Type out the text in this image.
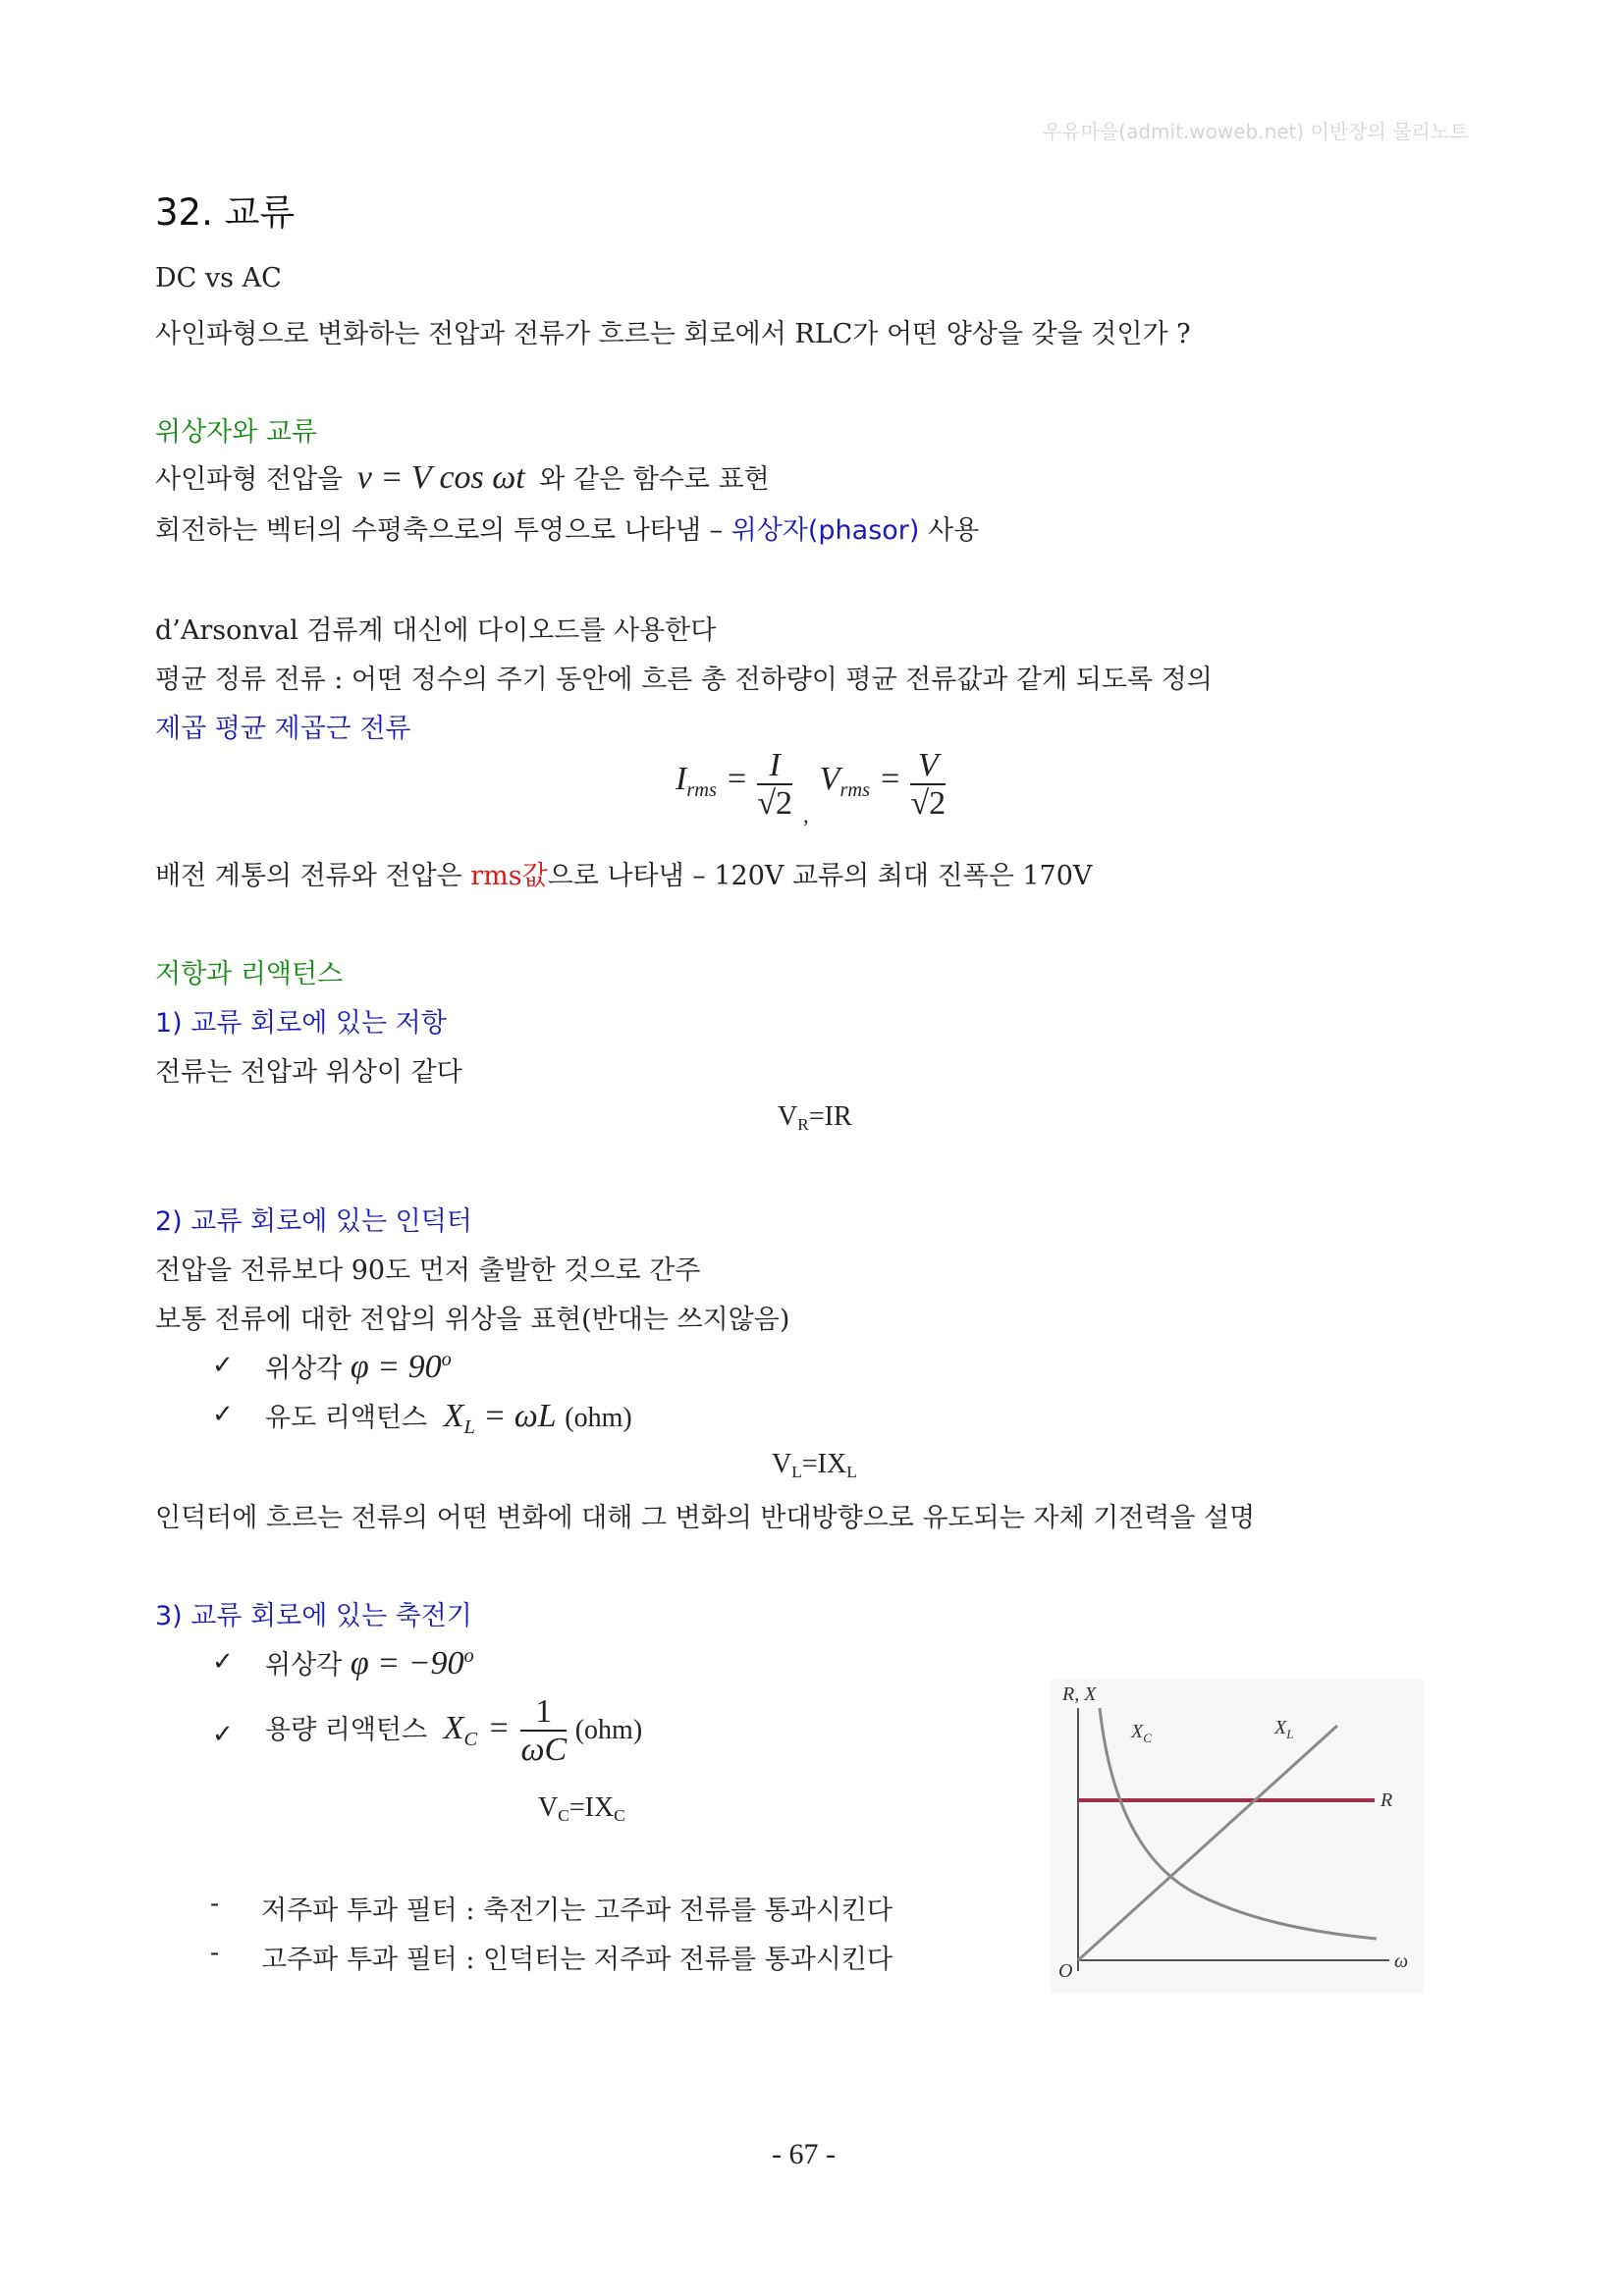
우유마을(admit.woweb.net) 이반장의 물리노트
32. 교류
DC vs AC
사인파형으로 변화하는 전압과 전류가 흐르는 회로에서 RLC가 어떤 양상을 갖을 것인가 ?
위상자와 교류
사인파형 전압을 v = V cos ωt 와 같은 함수로 표현
회전하는 벡터의 수평축으로의 투영으로 나타냄 – 위상자(phasor) 사용
d’Arsonval 검류계 대신에 다이오드를 사용한다
평균 정류 전류 : 어떤 정수의 주기 동안에 흐른 총 전하량이 평균 전류값과 같게 되도록 정의
제곱 평균 제곱근 전류
$I_{rms} = \frac{I}{√2}$ , $V_{rms} = \frac{V}{√2}$
배전 계통의 전류와 전압은 rms값으로 나타냄 – 120V 교류의 최대 진폭은 170V
저항과 리액턴스
1) 교류 회로에 있는 저항
전류는 전압과 위상이 같다
VR=IR
2) 교류 회로에 있는 인덕터
전압을 전류보다 90도 먼저 출발한 것으로 간주
보통 전류에 대한 전압의 위상을 표현(반대는 쓰지않음)
✓ 위상각 $\varphi = 90^o$
✓ 유도 리액턴스 $X_L = \omega L$ (ohm)
VL=IXL
인덕터에 흐르는 전류의 어떤 변화에 대해 그 변화의 반대방향으로 유도되는 자체 기전력을 설명
3) 교류 회로에 있는 축전기
✓ 위상각 $\varphi = -90^o$
✓ 용량 리액턴스 $X_C = \frac{1}{\omega C} (ohm)$
VC=IXC
- 저주파 투과 필터 : 축전기는 고주파 전류를 통과시킨다
- 고주파 투과 필터 : 인덕터는 저주파 전류를 통과시킨다
R, X
$X_C$	$X_L$
R
O	ω
- 67 -
